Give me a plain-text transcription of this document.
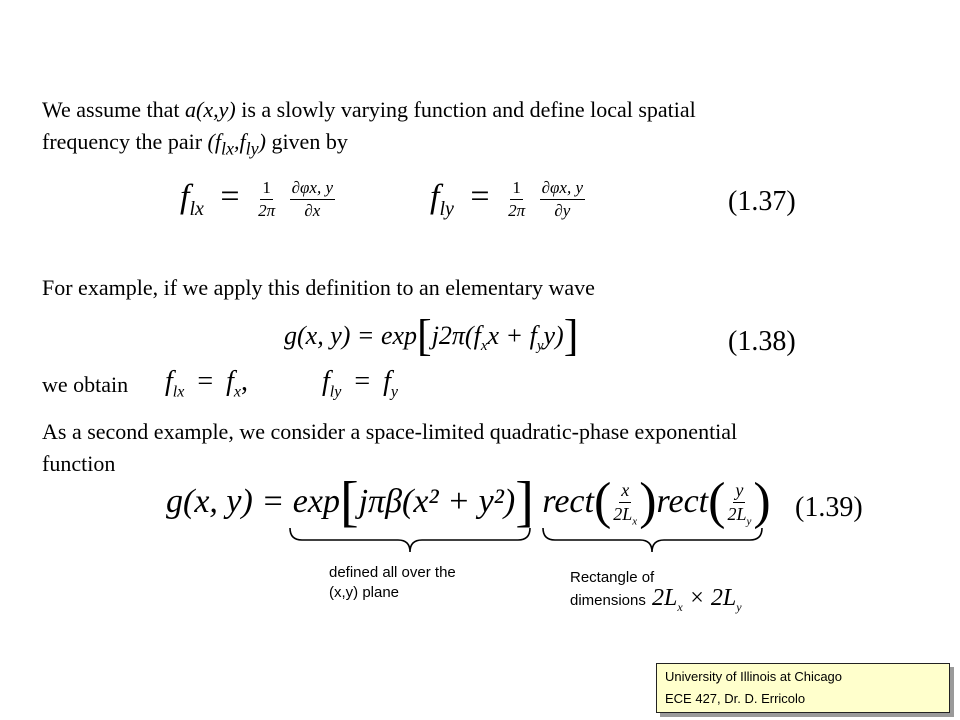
We assume that a(x,y) is a slowly varying function and define local spatial
frequency the pair $(f_{lx},f_{ly})$ given by
$f_{lx} = \frac{1}{2\pi}$
$\frac{\partial\varphi x, y}{\partial x}$	$f_{ly} = \frac{1}{2\pi}$
$\frac{\partial\varphi x, y}{\partial y}$	(1.37)
For example, if we apply this definition to an elementary wave
g(x, $y) = \exp[j2\pi(f_xx + f_yy)]$	(1.38)
we obtain $f_{lx} = f_x$,	$f_{ly} = f_y$
As a second example, we consider a space-limited quadratic-phase exponential
function
g(x, y) = exp[jπβ(x² + y²)] rect( $\frac{x}{2L_x}$ )rect( $\frac{y}{2L_y}$ ) (1.39)
defined all over the
(x,y) plane
Rectangle of
dimensions $2L_x \times 2L_y$
University of Illinois at Chicago
ECE 427, Dr. D. Erricolo
